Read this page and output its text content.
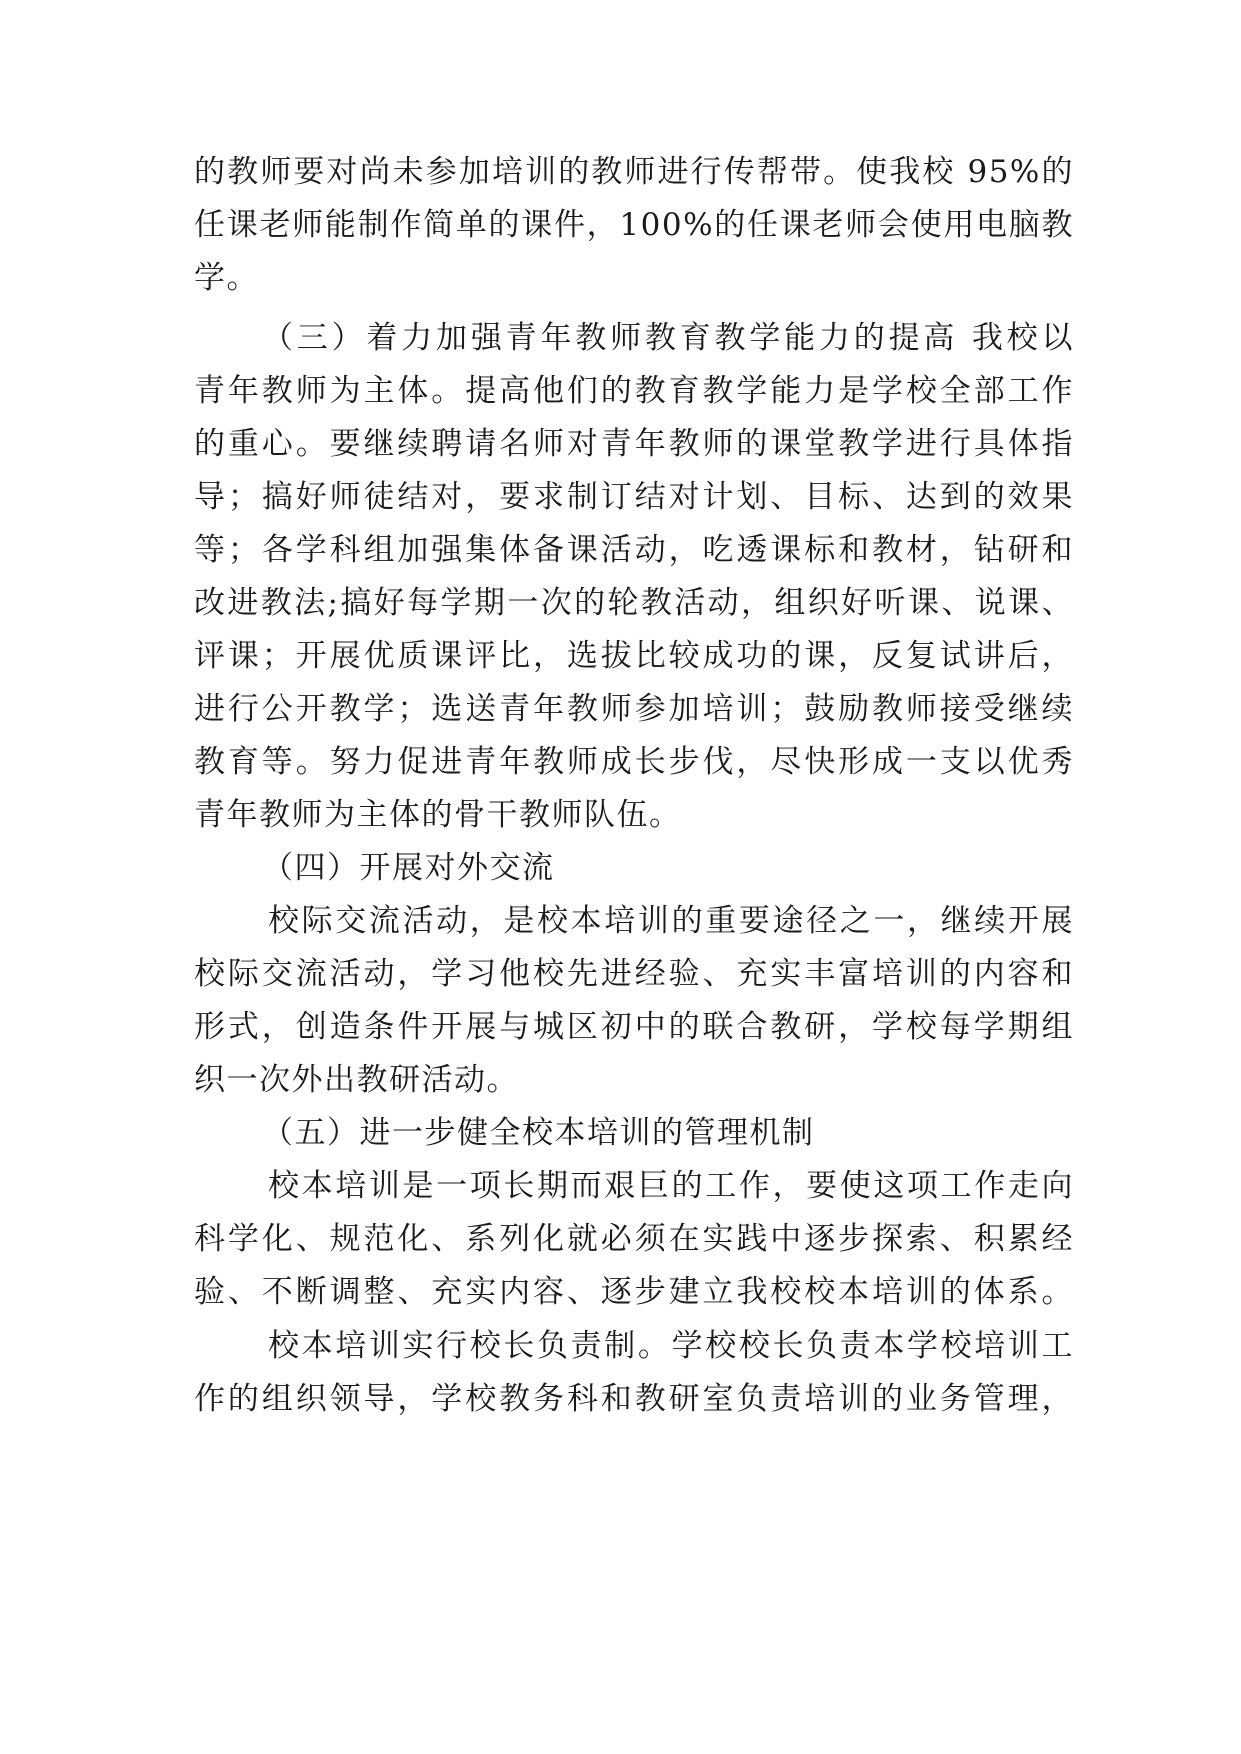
的教师要对尚未参加培训的教师进行传帮带。使我校 95%的
任课老师能制作简单的课件，100%的任课老师会使用电脑教
学。
（三）着力加强青年教师教育教学能力的提高 我校以
青年教师为主体。提高他们的教育教学能力是学校全部工作
的重心。要继续聘请名师对青年教师的课堂教学进行具体指
导；搞好师徒结对，要求制订结对计划、目标、达到的效果
等；各学科组加强集体备课活动，吃透课标和教材，钻研和
改进教法;搞好每学期一次的轮教活动，组织好听课、说课、
评课；开展优质课评比，选拔比较成功的课，反复试讲后，
进行公开教学；选送青年教师参加培训；鼓励教师接受继续
教育等。努力促进青年教师成长步伐，尽快形成一支以优秀
青年教师为主体的骨干教师队伍。
（四）开展对外交流
校际交流活动，是校本培训的重要途径之一，继续开展
校际交流活动，学习他校先进经验、充实丰富培训的内容和
形式，创造条件开展与城区初中的联合教研，学校每学期组
织一次外出教研活动。
（五）进一步健全校本培训的管理机制
校本培训是一项长期而艰巨的工作，要使这项工作走向
科学化、规范化、系列化就必须在实践中逐步探索、积累经
验、不断调整、充实内容、逐步建立我校校本培训的体系。
校本培训实行校长负责制。学校校长负责本学校培训工
作的组织领导，学校教务科和教研室负责培训的业务管理，
